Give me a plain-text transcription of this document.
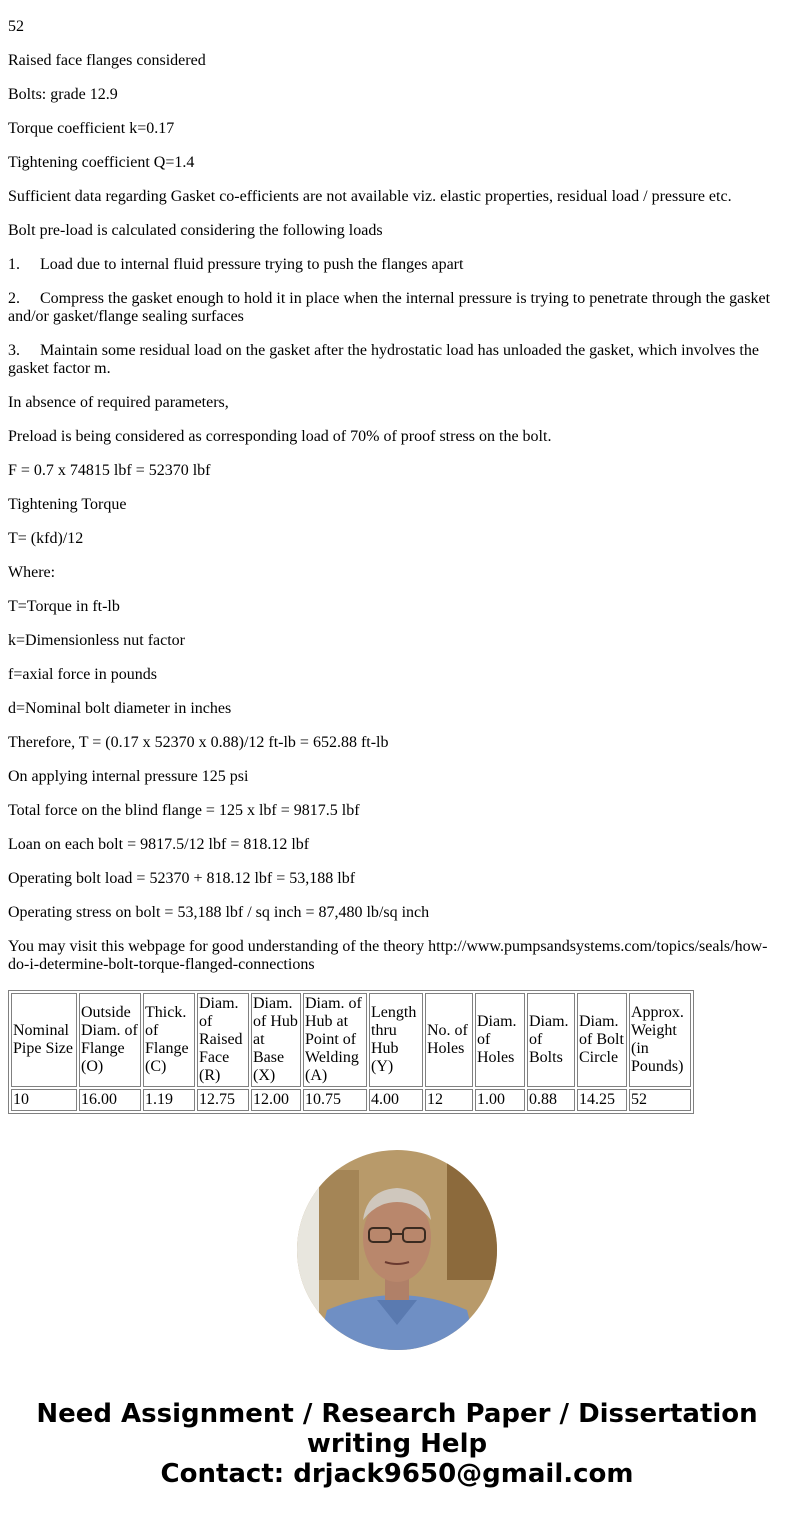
52

Raised face flanges considered

Bolts: grade 12.9

Torque coefficient k=0.17

Tightening coefficient Q=1.4

Sufficient data regarding Gasket co-efficients are not available viz. elastic properties, residual load / pressure etc.

Bolt pre-load is calculated considering the following loads

1. Load due to internal fluid pressure trying to push the flanges apart

2. Compress the gasket enough to hold it in place when the internal pressure is trying to penetrate through the gasket and/or gasket/flange sealing surfaces

3. Maintain some residual load on the gasket after the hydrostatic load has unloaded the gasket, which involves the gasket factor m.

In absence of required parameters,

Preload is being considered as corresponding load of 70% of proof stress on the bolt.

F = 0.7 x 74815 lbf = 52370 lbf

Tightening Torque

T= (kfd)/12

Where:

T=Torque in ft-lb

k=Dimensionless nut factor

f=axial force in pounds

d=Nominal bolt diameter in inches

Therefore, T = (0.17 x 52370 x 0.88)/12 ft-lb = 652.88 ft-lb

On applying internal pressure 125 psi

Total force on the blind flange = 125 x lbf = 9817.5 lbf

Loan on each bolt = 9817.5/12 lbf = 818.12 lbf

Operating bolt load = 52370 + 818.12 lbf = 53,188 lbf

Operating stress on bolt = 53,188 lbf / sq inch = 87,480 lb/sq inch

You may visit this webpage for good understanding of the theory http://www.pumpsandsystems.com/topics/seals/how-do-i-determine-bolt-torque-flanged-connections

Nominal Pipe Size	Outside Diam. of Flange (O)	Thick. of Flange (C)	Diam. of Raised Face (R)	Diam. of Hub at Base (X)	Diam. of Hub at Point of Welding (A)	Length thru Hub (Y)	No. of Holes	Diam. of Holes	Diam. of Bolts	Diam. of Bolt Circle	Approx. Weight (in Pounds)
10	16.00	1.19	12.75	12.00	10.75	4.00	12	1.00	0.88	14.25	52
Need Assignment / Research Paper / Dissertation writing Help
Contact: drjack9650@gmail.com
